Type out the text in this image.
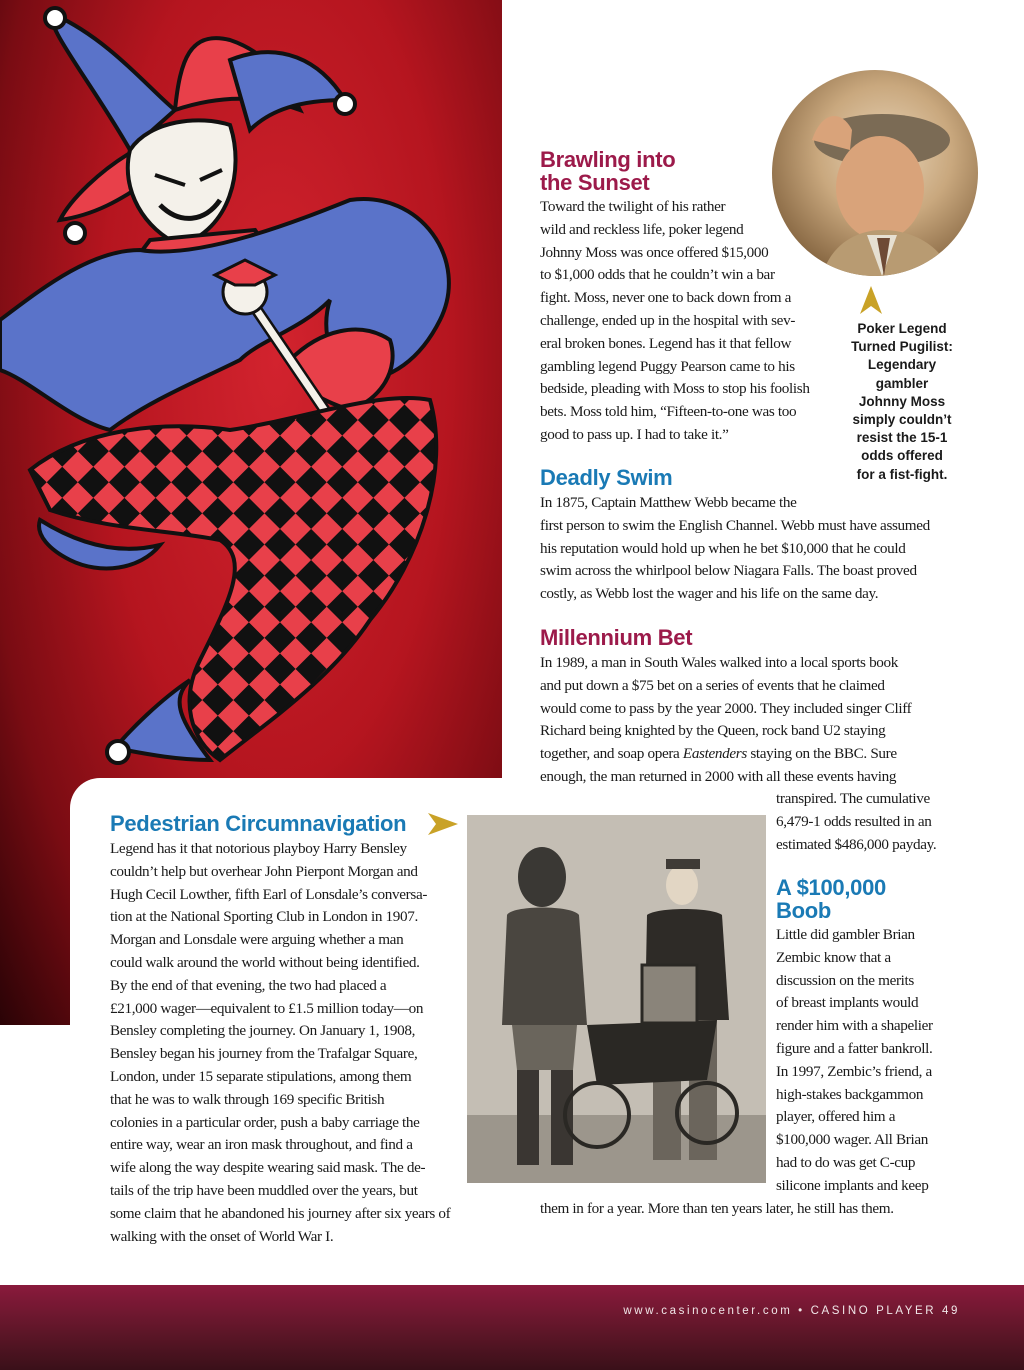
Poker Legend
Turned Pugilist:
Legendary
gambler
Johnny Moss
simply couldn’t
resist the 15-1
odds offered
for a fist-fight.
Brawling into
the Sunset

Toward the twilight of his rather

wild and reckless life, poker legend

Johnny Moss was once offered $15,000

to $1,000 odds that he couldn’t win a bar

fight. Moss, never one to back down from a

challenge, ended up in the hospital with sev-

eral broken bones. Legend has it that fellow

gambling legend Puggy Pearson came to his

bedside, pleading with Moss to stop his foolish

bets. Moss told him, “Fifteen-to-one was too

good to pass up. I had to take it.”

Deadly Swim

In 1875, Captain Matthew Webb became the

first person to swim the English Channel. Webb must have assumed

his reputation would hold up when he bet $10,000 that he could

swim across the whirlpool below Niagara Falls. The boast proved

costly, as Webb lost the wager and his life on the same day.

Millennium Bet

In 1989, a man in South Wales walked into a local sports book

and put down a $75 bet on a series of events that he claimed

would come to pass by the year 2000. They included singer Cliff

Richard being knighted by the Queen, rock band U2 staying

together, and soap opera Eastenders staying on the BBC. Sure

enough, the man returned in 2000 with all these events having

transpired. The cumulative

6,479-1 odds resulted in an

estimated $486,000 payday.

A $100,000
Boob

Little did gambler Brian

Zembic know that a

discussion on the merits

of breast implants would

render him with a shapelier

figure and a fatter bankroll.

In 1997, Zembic’s friend, a

high-stakes backgammon

player, offered him a

$100,000 wager. All Brian

had to do was get C-cup

silicone implants and keep

them in for a year. More than ten years later, he still has them.

Pedestrian Circumnavigation

Legend has it that notorious playboy Harry Bensley

couldn’t help but overhear John Pierpont Morgan and

Hugh Cecil Lowther, fifth Earl of Lonsdale’s conversa-

tion at the National Sporting Club in London in 1907.

Morgan and Lonsdale were arguing whether a man

could walk around the world without being identified.

By the end of that evening, the two had placed a

£21,000 wager—equivalent to £1.5 million today—on

Bensley completing the journey. On January 1, 1908,

Bensley began his journey from the Trafalgar Square,

London, under 15 separate stipulations, among them

that he was to walk through 169 specific British

colonies in a particular order, push a baby carriage the

entire way, wear an iron mask throughout, and find a

wife along the way despite wearing said mask. The de-

tails of the trip have been muddled over the years, but

some claim that he abandoned his journey after six years of

walking with the onset of World War I.

www.casinocenter.com • CASINO PLAYER 49
